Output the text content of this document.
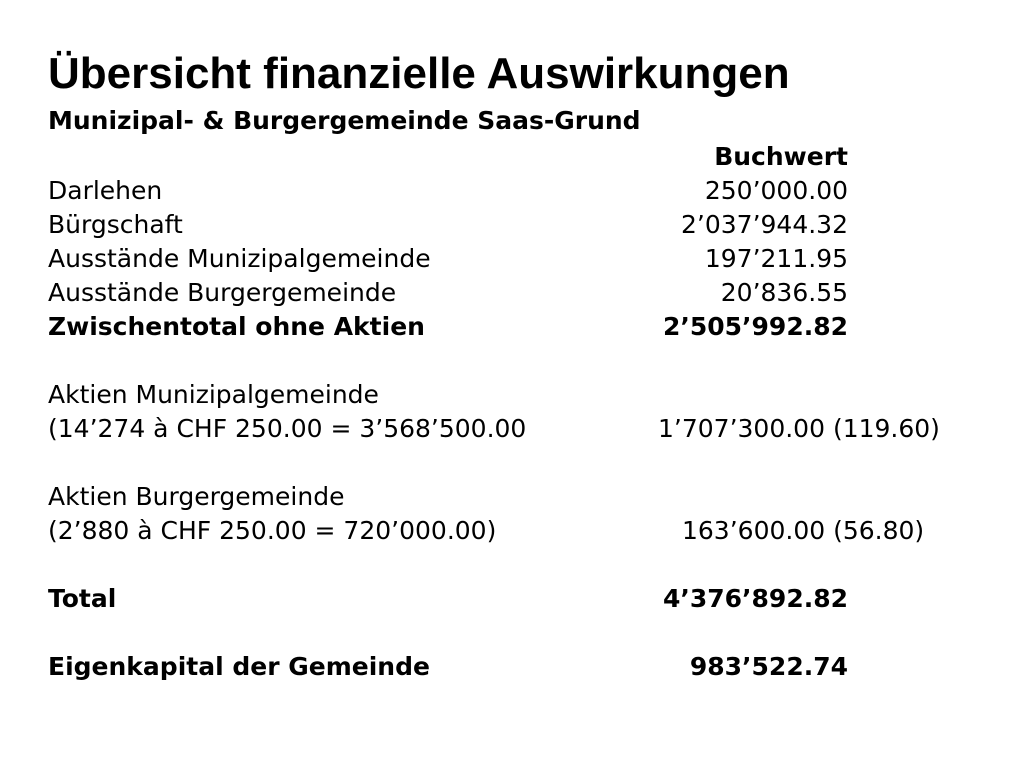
Übersicht finanzielle Auswirkungen
Munizipal- & Burgergemeinde Saas-Grund
Buchwert
Darlehen	250’000.00
Bürgschaft	2’037’944.32
Ausstände Munizipalgemeinde	197’211.95
Ausstände Burgergemeinde	20’836.55
Zwischentotal ohne Aktien	2’505’992.82
Aktien Munizipalgemeinde
(14’274 à CHF 250.00 = 3’568’500.00	1’707’300.00 (119.60)
Aktien Burgergemeinde
(2’880 à CHF 250.00 = 720’000.00)	163’600.00 (56.80)
Total	4’376’892.82
Eigenkapital der Gemeinde	983’522.74
